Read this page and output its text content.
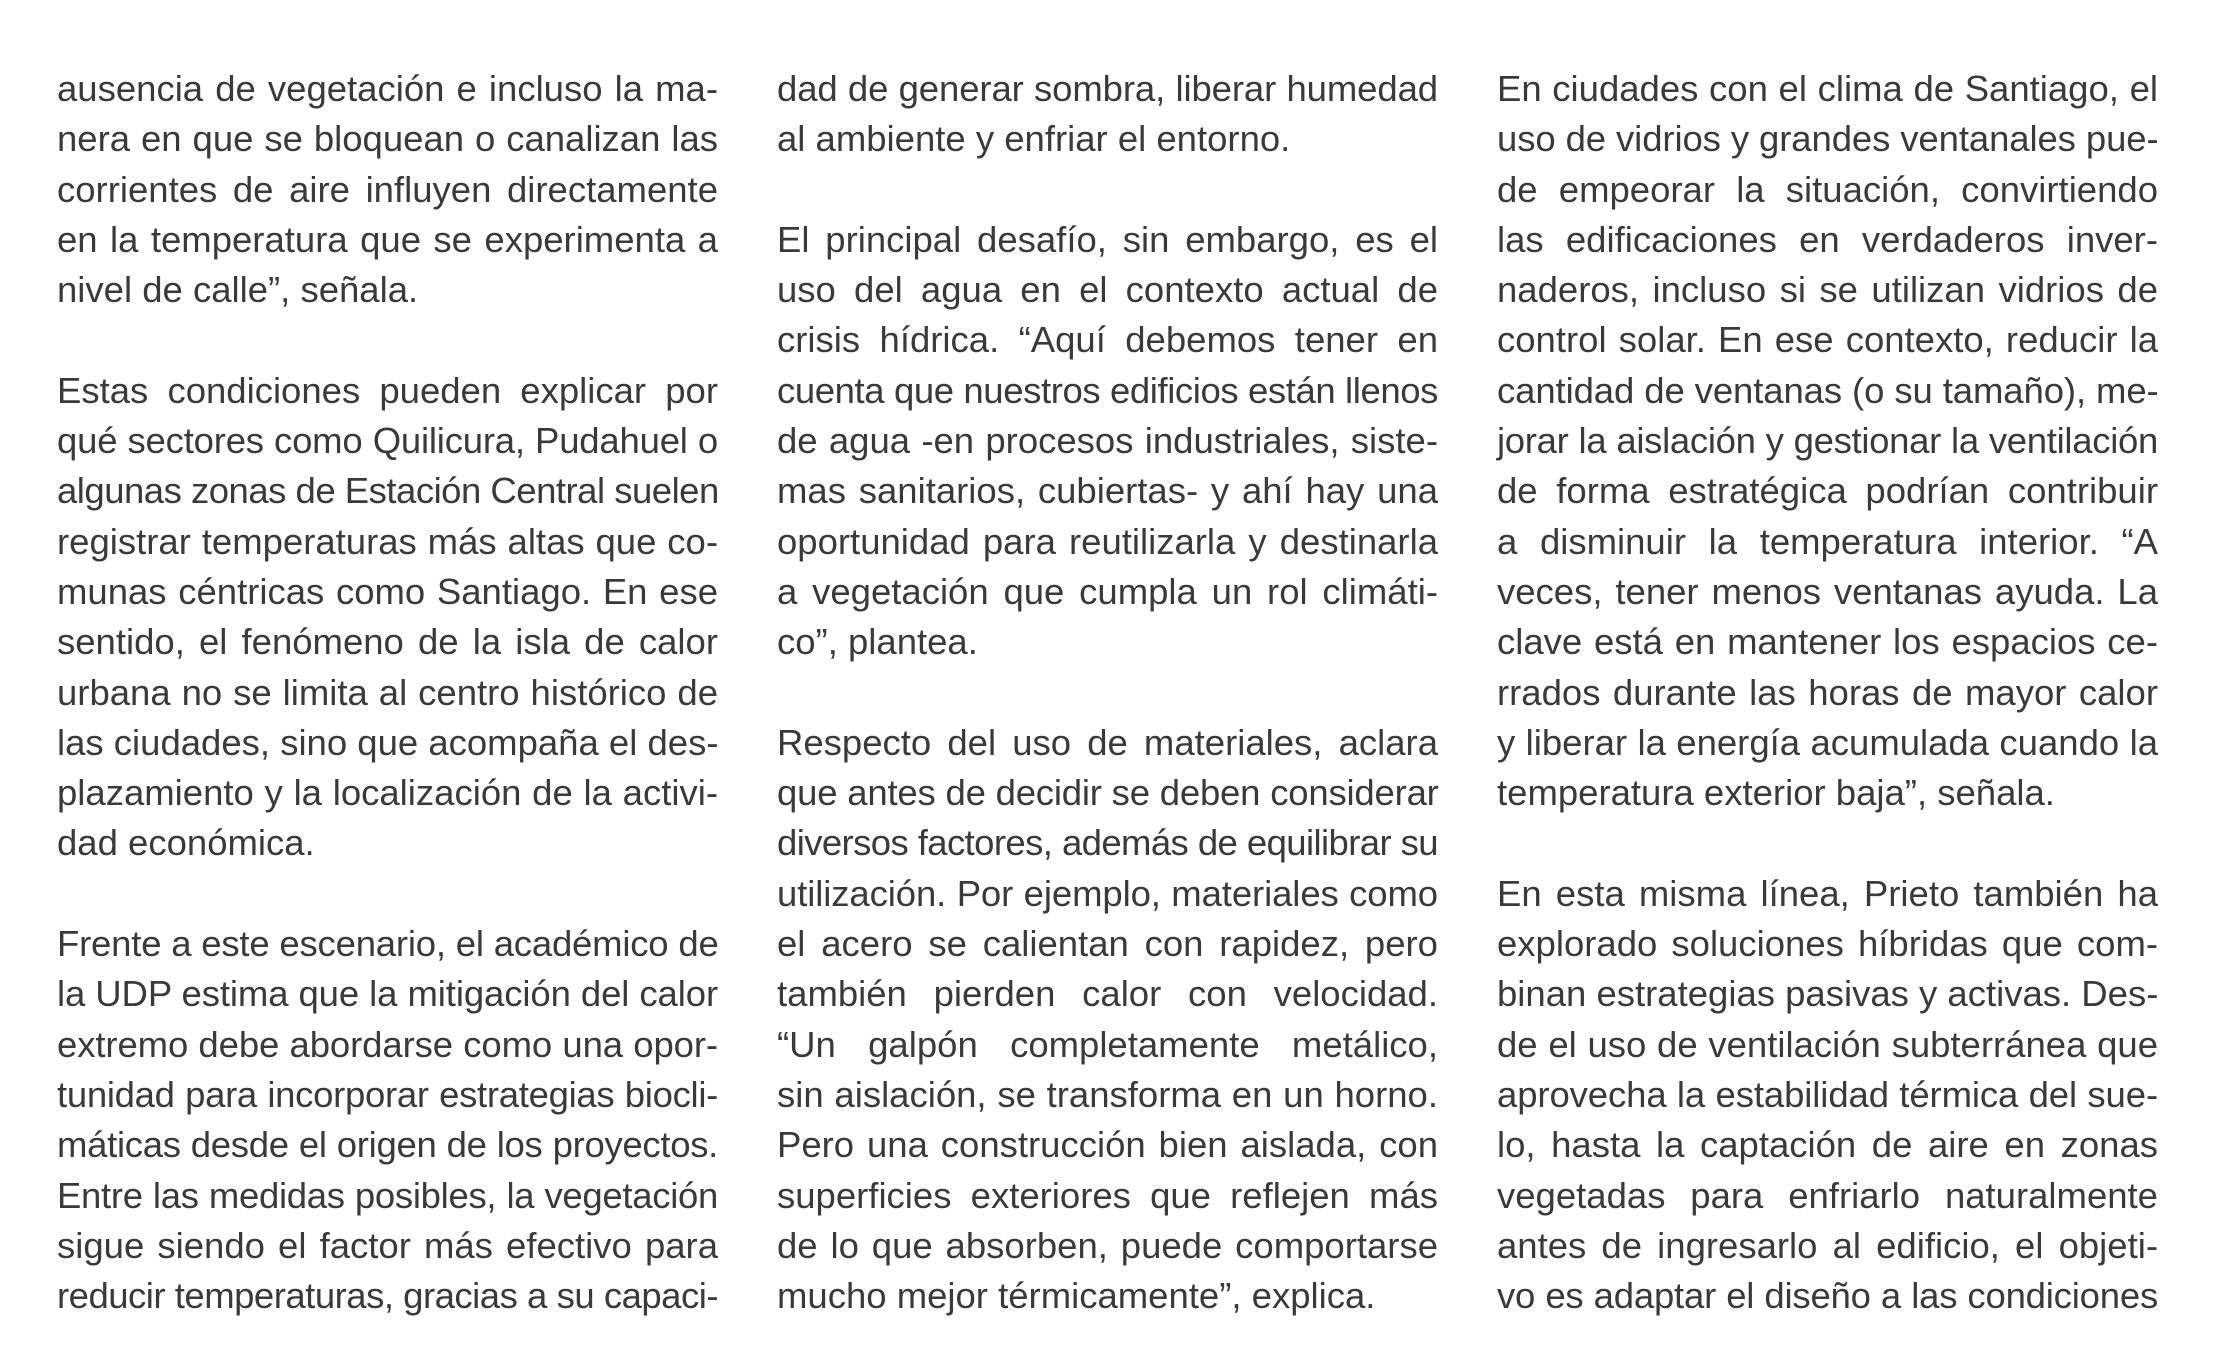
ausencia de vegetación e incluso la ma-
nera en que se bloquean o canalizan las
corrientes de aire influyen directamente
en la temperatura que se experimenta a
nivel de calle”, señala.
Estas condiciones pueden explicar por
qué sectores como Quilicura, Pudahuel o
algunas zonas de Estación Central suelen
registrar temperaturas más altas que co-
munas céntricas como Santiago. En ese
sentido, el fenómeno de la isla de calor
urbana no se limita al centro histórico de
las ciudades, sino que acompaña el des-
plazamiento y la localización de la activi-
dad económica.
Frente a este escenario, el académico de
la UDP estima que la mitigación del calor
extremo debe abordarse como una opor-
tunidad para incorporar estrategias biocli-
máticas desde el origen de los proyectos.
Entre las medidas posibles, la vegetación
sigue siendo el factor más efectivo para
reducir temperaturas, gracias a su capaci-
dad de generar sombra, liberar humedad
al ambiente y enfriar el entorno.
El principal desafío, sin embargo, es el
uso del agua en el contexto actual de
crisis hídrica. “Aquí debemos tener en
cuenta que nuestros edificios están llenos
de agua -en procesos industriales, siste-
mas sanitarios, cubiertas- y ahí hay una
oportunidad para reutilizarla y destinarla
a vegetación que cumpla un rol climáti-
co”, plantea.
Respecto del uso de materiales, aclara
que antes de decidir se deben considerar
diversos factores, además de equilibrar su
utilización. Por ejemplo, materiales como
el acero se calientan con rapidez, pero
también pierden calor con velocidad.
“Un galpón completamente metálico,
sin aislación, se transforma en un horno.
Pero una construcción bien aislada, con
superficies exteriores que reflejen más
de lo que absorben, puede comportarse
mucho mejor térmicamente”, explica.
En ciudades con el clima de Santiago, el
uso de vidrios y grandes ventanales pue-
de empeorar la situación, convirtiendo
las edificaciones en verdaderos inver-
naderos, incluso si se utilizan vidrios de
control solar. En ese contexto, reducir la
cantidad de ventanas (o su tamaño), me-
jorar la aislación y gestionar la ventilación
de forma estratégica podrían contribuir
a disminuir la temperatura interior. “A
veces, tener menos ventanas ayuda. La
clave está en mantener los espacios ce-
rrados durante las horas de mayor calor
y liberar la energía acumulada cuando la
temperatura exterior baja”, señala.
En esta misma línea, Prieto también ha
explorado soluciones híbridas que com-
binan estrategias pasivas y activas. Des-
de el uso de ventilación subterránea que
aprovecha la estabilidad térmica del sue-
lo, hasta la captación de aire en zonas
vegetadas para enfriarlo naturalmente
antes de ingresarlo al edificio, el objeti-
vo es adaptar el diseño a las condiciones
